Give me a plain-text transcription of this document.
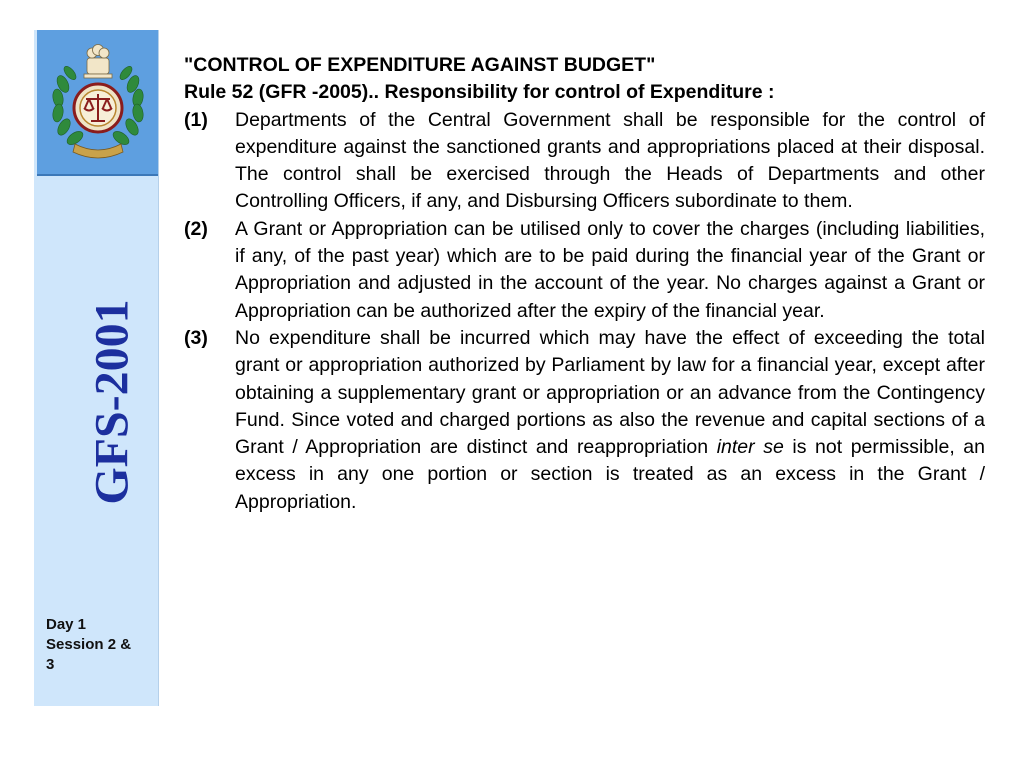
GFS-2001
Day 1
Session 2 &
3

"CONTROL OF EXPENDITURE AGAINST BUDGET"

Rule 52 (GFR -2005).. Responsibility for control of Expenditure :

(1)	Departments of the Central Government shall be responsible for the control of expenditure against the sanctioned grants and appropriations placed at their disposal. The control shall be exercised through the Heads of Departments and other Controlling Officers, if any, and Disbursing Officers subordinate to them.

(2)	A Grant or Appropriation can be utilised only to cover the charges (including liabilities, if any, of the past year) which are to be paid during the financial year of the Grant or Appropriation and adjusted in the account of the year. No charges against a Grant or Appropriation can be authorized after the expiry of the financial year.

(3)	No expenditure shall be incurred which may have the effect of exceeding the total grant or appropriation authorized by Parliament by law for a financial year, except after obtaining a supplementary grant or appropriation or an advance from the Contingency Fund. Since voted and charged portions as also the revenue and capital sections of a Grant / Appropriation are distinct and reappropriation inter se is not permissible, an excess in any one portion or section is treated as an excess in the Grant / Appropriation.
